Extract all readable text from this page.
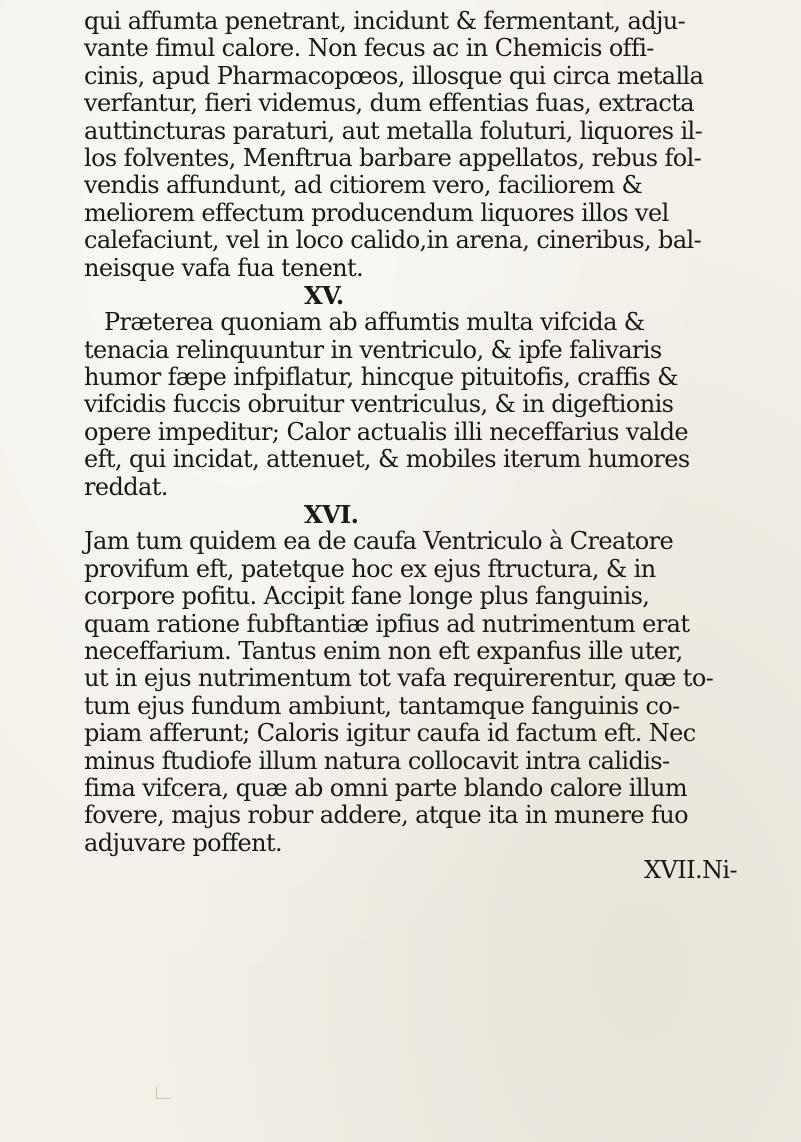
qui affumta penetrant, incidunt & fermentant, adju-
vante fimul calore. Non fecus ac in Chemicis offi-
cinis, apud Pharmacopœos, illosque qui circa metalla
verfantur, fieri videmus, dum effentias fuas, extracta
auttincturas paraturi, aut metalla foluturi, liquores il-
los folventes, Menftrua barbare appellatos, rebus fol-
vendis affundunt, ad citiorem vero, faciliorem &
meliorem effectum producendum liquores illos vel
calefaciunt, vel in loco calido,in arena, cineribus, bal-
neisque vafa fua tenent.
XV.
Præterea quoniam ab affumtis multa vifcida &
tenacia relinquuntur in ventriculo, & ipfe falivaris
humor fæpe infpiflatur, hincque pituitofis, craffis &
vifcidis fuccis obruitur ventriculus, & in digeftionis
opere impeditur; Calor actualis illi neceffarius valde
eft, qui incidat, attenuet, & mobiles iterum humores
reddat.
XVI.
Jam tum quidem ea de caufa Ventriculo à Creatore
provifum eft, patetque hoc ex ejus ftructura, & in
corpore pofitu. Accipit fane longe plus fanguinis,
quam ratione fubftantiæ ipfius ad nutrimentum erat
neceffarium. Tantus enim non eft expanfus ille uter,
ut in ejus nutrimentum tot vafa requirerentur, quæ to-
tum ejus fundum ambiunt, tantamque fanguinis co-
piam afferunt; Caloris igitur caufa id factum eft. Nec
minus ftudiofe illum natura collocavit intra calidis-
fima vifcera, quæ ab omni parte blando calore illum
fovere, majus robur addere, atque ita in munere fuo
adjuvare poffent.
XVII.Ni-
